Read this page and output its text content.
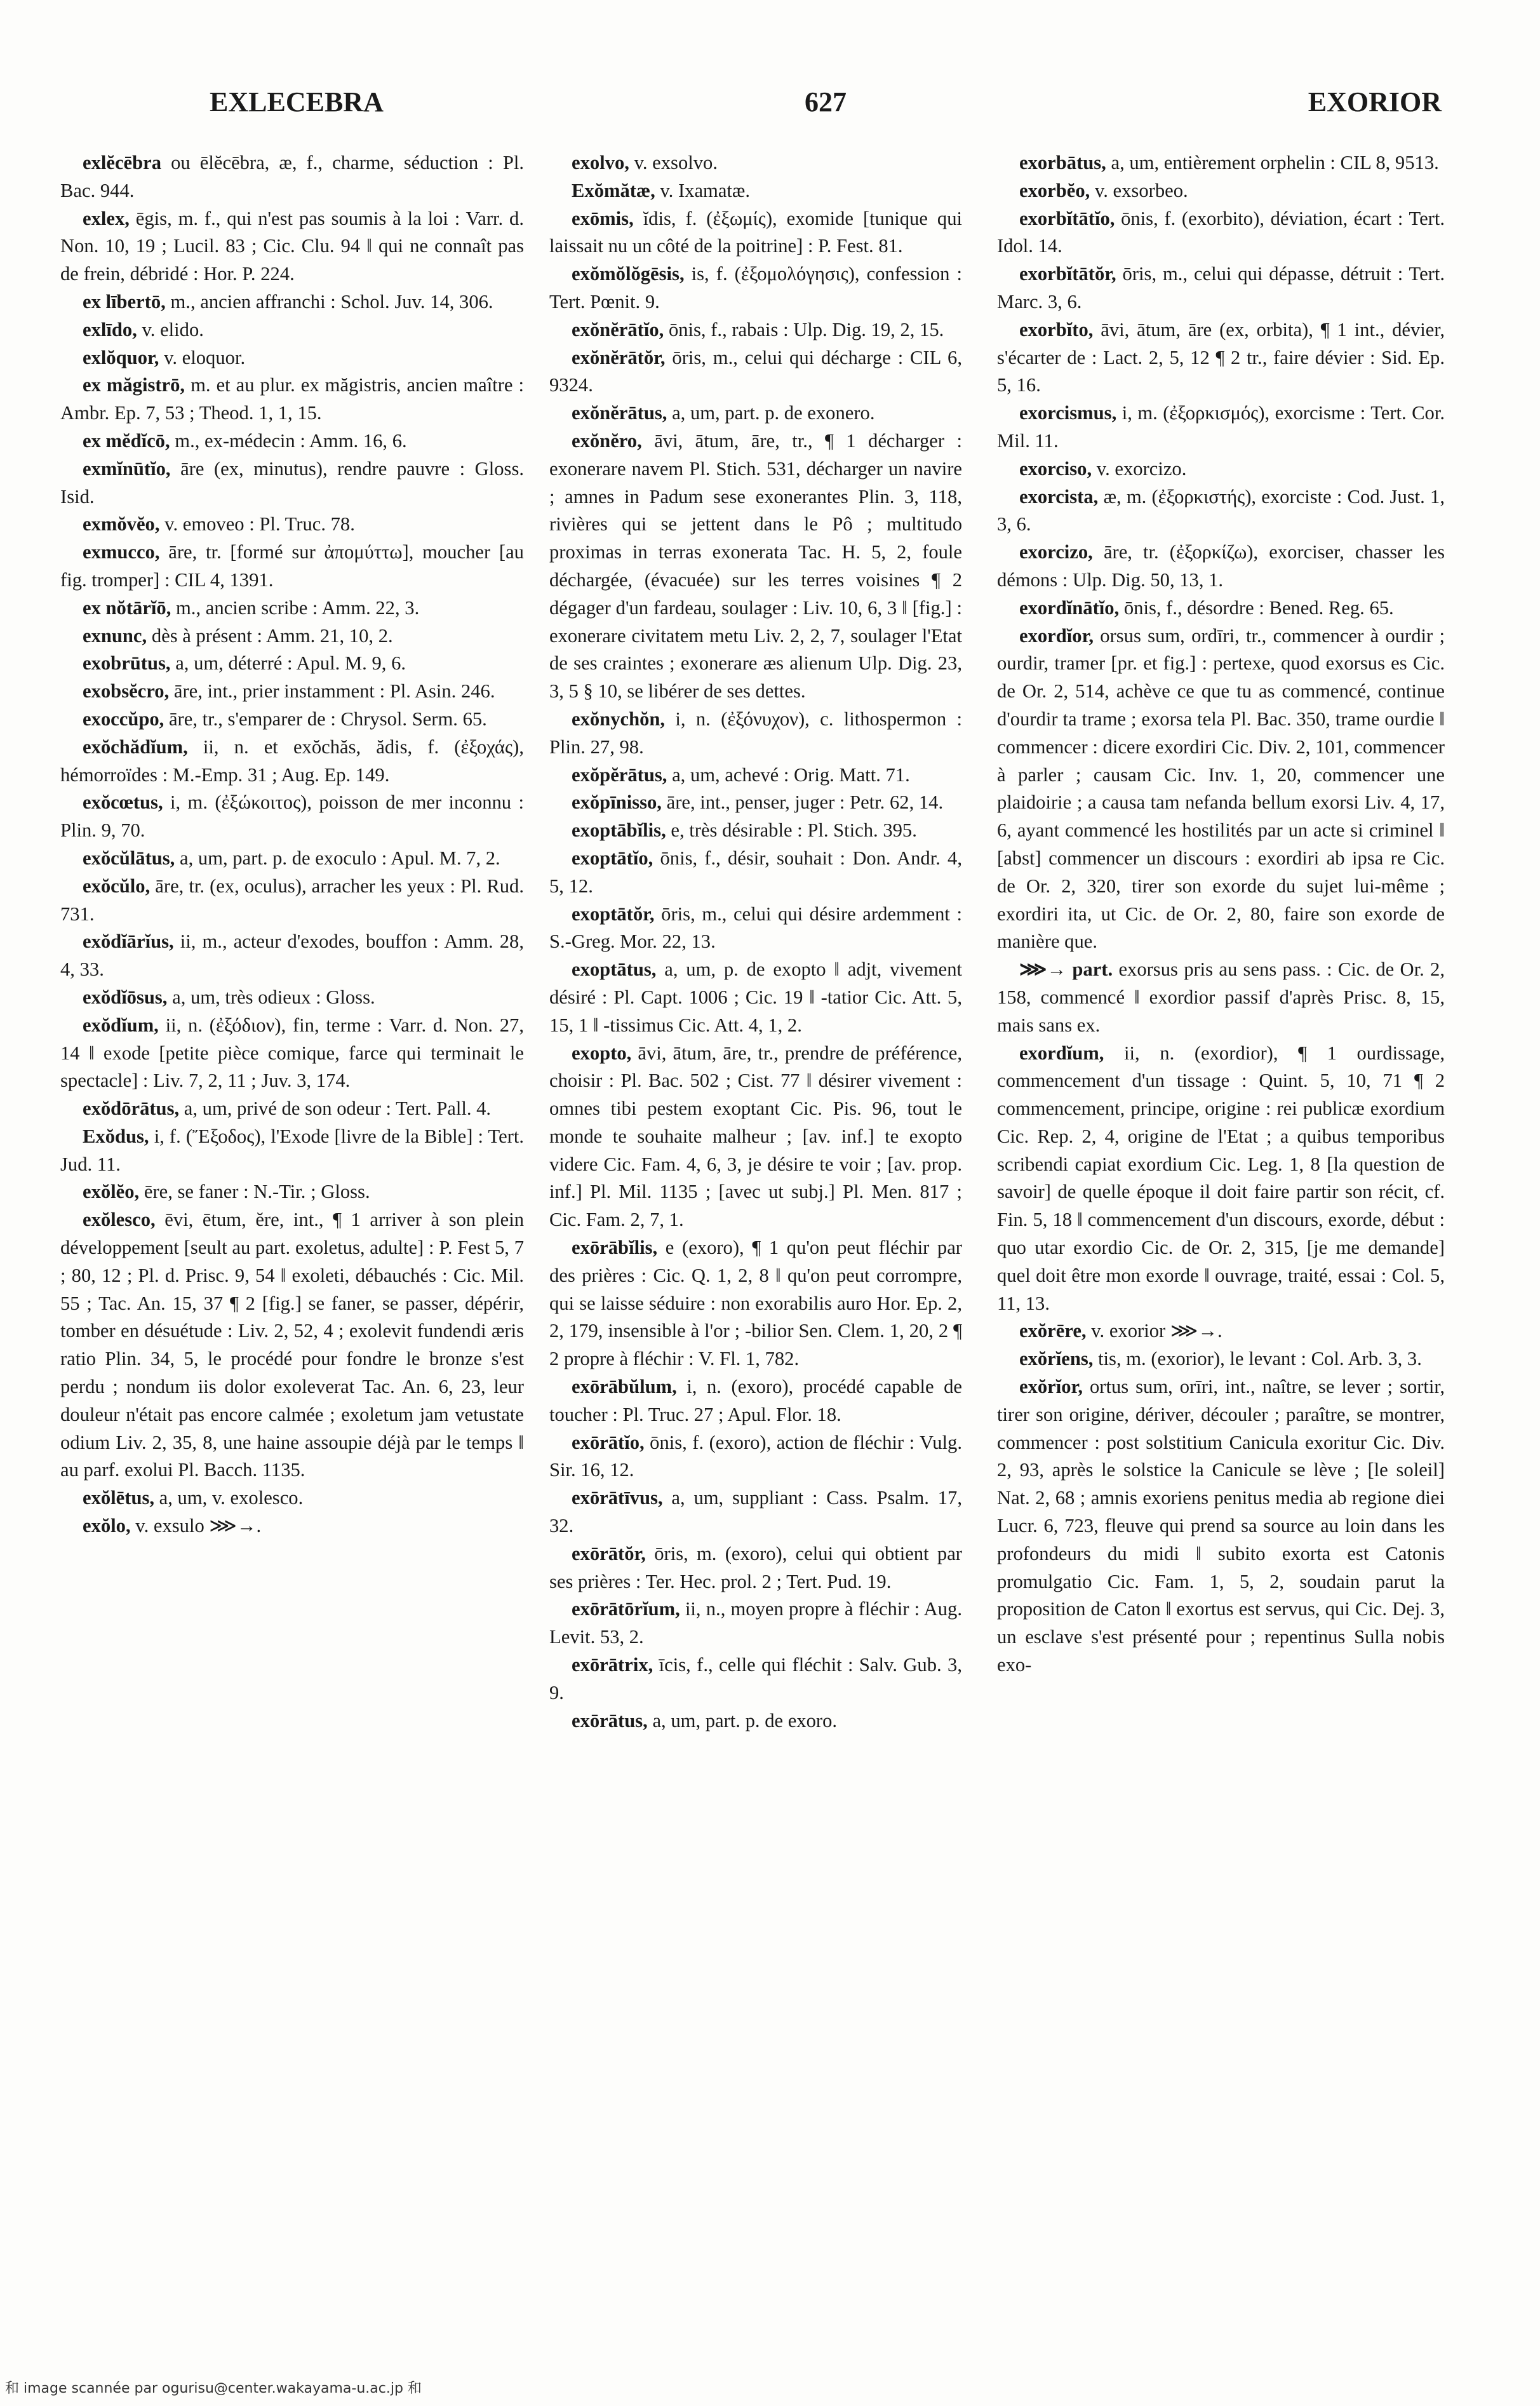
EXLECEBRA	627	EXORIOR

exlĕcēbra ou ēlĕcēbra, æ, f., charme, séduction : Pl. Bac. 944.

exlex, ēgis, m. f., qui n'est pas soumis à la loi : Varr. d. Non. 10, 19 ; Lucil. 83 ; Cic. Clu. 94 ‖ qui ne connaît pas de frein, débridé : Hor. P. 224.

ex lībertō, m., ancien affranchi : Schol. Juv. 14, 306.

exlīdo, v. elido.

exlŏquor, v. eloquor.

ex măgistrō, m. et au plur. ex măgistris, ancien maître : Ambr. Ep. 7, 53 ; Theod. 1, 1, 15.

ex mĕdĭcō, m., ex-médecin : Amm. 16, 6.

exmĭnūtĭo, āre (ex, minutus), rendre pauvre : Gloss. Isid.

exmŏvĕo, v. emoveo : Pl. Truc. 78.

exmucco, āre, tr. [formé sur ἀπομύττω], moucher [au fig. tromper] : CIL 4, 1391.

ex nŏtārĭō, m., ancien scribe : Amm. 22, 3.

exnunc, dès à présent : Amm. 21, 10, 2.

exobrūtus, a, um, déterré : Apul. M. 9, 6.

exobsĕcro, āre, int., prier instamment : Pl. Asin. 246.

exoccŭpo, āre, tr., s'emparer de : Chrysol. Serm. 65.

exŏchădĭum, ii, n. et exŏchăs, ădis, f. (ἐξοχάς), hémorroïdes : M.-Emp. 31 ; Aug. Ep. 149.

exŏcœtus, i, m. (ἐξώκοιτος), poisson de mer inconnu : Plin. 9, 70.

exŏcŭlātus, a, um, part. p. de exoculo : Apul. M. 7, 2.

exŏcŭlo, āre, tr. (ex, oculus), arracher les yeux : Pl. Rud. 731.

exŏdĭārĭus, ii, m., acteur d'exodes, bouffon : Amm. 28, 4, 33.

exŏdĭōsus, a, um, très odieux : Gloss.

exŏdĭum, ii, n. (ἐξόδιον), fin, terme : Varr. d. Non. 27, 14 ‖ exode [petite pièce comique, farce qui terminait le spectacle] : Liv. 7, 2, 11 ; Juv. 3, 174.

exŏdōrātus, a, um, privé de son odeur : Tert. Pall. 4.

Exŏdus, i, f. (Ἔξοδος), l'Exode [livre de la Bible] : Tert. Jud. 11.

exŏlĕo, ēre, se faner : N.-Tir. ; Gloss.

exŏlesco, ēvi, ētum, ĕre, int., ¶ 1 arriver à son plein développement [seult au part. exoletus, adulte] : P. Fest 5, 7 ; 80, 12 ; Pl. d. Prisc. 9, 54 ‖ exoleti, débauchés : Cic. Mil. 55 ; Tac. An. 15, 37 ¶ 2 [fig.] se faner, se passer, dépérir, tomber en désuétude : Liv. 2, 52, 4 ; exolevit fundendi æris ratio Plin. 34, 5, le procédé pour fondre le bronze s'est perdu ; nondum iis dolor exoleverat Tac. An. 6, 23, leur douleur n'était pas encore calmée ; exoletum jam vetustate odium Liv. 2, 35, 8, une haine assoupie déjà par le temps ‖ au parf. exolui Pl. Bacch. 1135.

exŏlētus, a, um, v. exolesco.

exŏlo, v. exsulo ⋙→.

exolvo, v. exsolvo.

Exŏmătæ, v. Ixamatæ.

exōmis, ĭdis, f. (ἐξωμίς), exomide [tunique qui laissait nu un côté de la poitrine] : P. Fest. 81.

exŏmŏlŏgēsis, is, f. (ἐξομολόγησις), confession : Tert. Pœnit. 9.

exŏnĕrātĭo, ōnis, f., rabais : Ulp. Dig. 19, 2, 15.

exŏnĕrātŏr, ōris, m., celui qui décharge : CIL 6, 9324.

exŏnĕrātus, a, um, part. p. de exonero.

exŏnĕro, āvi, ātum, āre, tr., ¶ 1 décharger : exonerare navem Pl. Stich. 531, décharger un navire ; amnes in Padum sese exonerantes Plin. 3, 118, rivières qui se jettent dans le Pô ; multitudo proximas in terras exonerata Tac. H. 5, 2, foule déchargée, (évacuée) sur les terres voisines ¶ 2 dégager d'un fardeau, soulager : Liv. 10, 6, 3 ‖ [fig.] : exonerare civitatem metu Liv. 2, 2, 7, soulager l'Etat de ses craintes ; exonerare æs alienum Ulp. Dig. 23, 3, 5 § 10, se libérer de ses dettes.

exŏnychŏn, i, n. (ἐξόνυχον), c. lithospermon : Plin. 27, 98.

exŏpĕrātus, a, um, achevé : Orig. Matt. 71.

exŏpīnisso, āre, int., penser, juger : Petr. 62, 14.

exoptābĭlis, e, très désirable : Pl. Stich. 395.

exoptātĭo, ōnis, f., désir, souhait : Don. Andr. 4, 5, 12.

exoptātŏr, ōris, m., celui qui désire ardemment : S.-Greg. Mor. 22, 13.

exoptātus, a, um, p. de exopto ‖ adjt, vivement désiré : Pl. Capt. 1006 ; Cic. 19 ‖ -tatior Cic. Att. 5, 15, 1 ‖ -tissimus Cic. Att. 4, 1, 2.

exopto, āvi, ātum, āre, tr., prendre de préférence, choisir : Pl. Bac. 502 ; Cist. 77 ‖ désirer vivement : omnes tibi pestem exoptant Cic. Pis. 96, tout le monde te souhaite malheur ; [av. inf.] te exopto videre Cic. Fam. 4, 6, 3, je désire te voir ; [av. prop. inf.] Pl. Mil. 1135 ; [avec ut subj.] Pl. Men. 817 ; Cic. Fam. 2, 7, 1.

exōrābĭlis, e (exoro), ¶ 1 qu'on peut fléchir par des prières : Cic. Q. 1, 2, 8 ‖ qu'on peut corrompre, qui se laisse séduire : non exorabilis auro Hor. Ep. 2, 2, 179, insensible à l'or ; -bilior Sen. Clem. 1, 20, 2 ¶ 2 propre à fléchir : V. Fl. 1, 782.

exōrābŭlum, i, n. (exoro), procédé capable de toucher : Pl. Truc. 27 ; Apul. Flor. 18.

exōrātĭo, ōnis, f. (exoro), action de fléchir : Vulg. Sir. 16, 12.

exōrātīvus, a, um, suppliant : Cass. Psalm. 17, 32.

exōrātŏr, ōris, m. (exoro), celui qui obtient par ses prières : Ter. Hec. prol. 2 ; Tert. Pud. 19.

exōrātōrĭum, ii, n., moyen propre à fléchir : Aug. Levit. 53, 2.

exōrātrix, īcis, f., celle qui fléchit : Salv. Gub. 3, 9.

exōrātus, a, um, part. p. de exoro.

exorbātus, a, um, entièrement orphelin : CIL 8, 9513.

exorbĕo, v. exsorbeo.

exorbĭtātĭo, ōnis, f. (exorbito), déviation, écart : Tert. Idol. 14.

exorbĭtātŏr, ōris, m., celui qui dépasse, détruit : Tert. Marc. 3, 6.

exorbĭto, āvi, ātum, āre (ex, orbita), ¶ 1 int., dévier, s'écarter de : Lact. 2, 5, 12 ¶ 2 tr., faire dévier : Sid. Ep. 5, 16.

exorcismus, i, m. (ἐξορκισμός), exorcisme : Tert. Cor. Mil. 11.

exorciso, v. exorcizo.

exorcista, æ, m. (ἐξορκιστής), exorciste : Cod. Just. 1, 3, 6.

exorcizo, āre, tr. (ἐξορκίζω), exorciser, chasser les démons : Ulp. Dig. 50, 13, 1.

exordĭnātĭo, ōnis, f., désordre : Bened. Reg. 65.

exordĭor, orsus sum, ordīri, tr., commencer à ourdir ; ourdir, tramer [pr. et fig.] : pertexe, quod exorsus es Cic. de Or. 2, 514, achève ce que tu as commencé, continue d'ourdir ta trame ; exorsa tela Pl. Bac. 350, trame ourdie ‖ commencer : dicere exordiri Cic. Div. 2, 101, commencer à parler ; causam Cic. Inv. 1, 20, commencer une plaidoirie ; a causa tam nefanda bellum exorsi Liv. 4, 17, 6, ayant commencé les hostilités par un acte si criminel ‖ [abst] commencer un discours : exordiri ab ipsa re Cic. de Or. 2, 320, tirer son exorde du sujet lui-même ; exordiri ita, ut Cic. de Or. 2, 80, faire son exorde de manière que.

⋙→ part. exorsus pris au sens pass. : Cic. de Or. 2, 158, commencé ‖ exordior passif d'après Prisc. 8, 15, mais sans ex.

exordĭum, ii, n. (exordior), ¶ 1 ourdissage, commencement d'un tissage : Quint. 5, 10, 71 ¶ 2 commencement, principe, origine : rei publicæ exordium Cic. Rep. 2, 4, origine de l'Etat ; a quibus temporibus scribendi capiat exordium Cic. Leg. 1, 8 [la question de savoir] de quelle époque il doit faire partir son récit, cf. Fin. 5, 18 ‖ commencement d'un discours, exorde, début : quo utar exordio Cic. de Or. 2, 315, [je me demande] quel doit être mon exorde ‖ ouvrage, traité, essai : Col. 5, 11, 13.

exŏrēre, v. exorior ⋙→.

exŏrĭens, tis, m. (exorior), le levant : Col. Arb. 3, 3.

exŏrĭor, ortus sum, orīri, int., naître, se lever ; sortir, tirer son origine, dériver, découler ; paraître, se montrer, commencer : post solstitium Canicula exoritur Cic. Div. 2, 93, après le solstice la Canicule se lève ; [le soleil] Nat. 2, 68 ; amnis exoriens penitus media ab regione diei Lucr. 6, 723, fleuve qui prend sa source au loin dans les profondeurs du midi ‖ subito exorta est Catonis promulgatio Cic. Fam. 1, 5, 2, soudain parut la proposition de Caton ‖ exortus est servus, qui Cic. Dej. 3, un esclave s'est présenté pour ; repentinus Sulla nobis exo-

和 image scannée par ogurisu@center.wakayama-u.ac.jp 和
